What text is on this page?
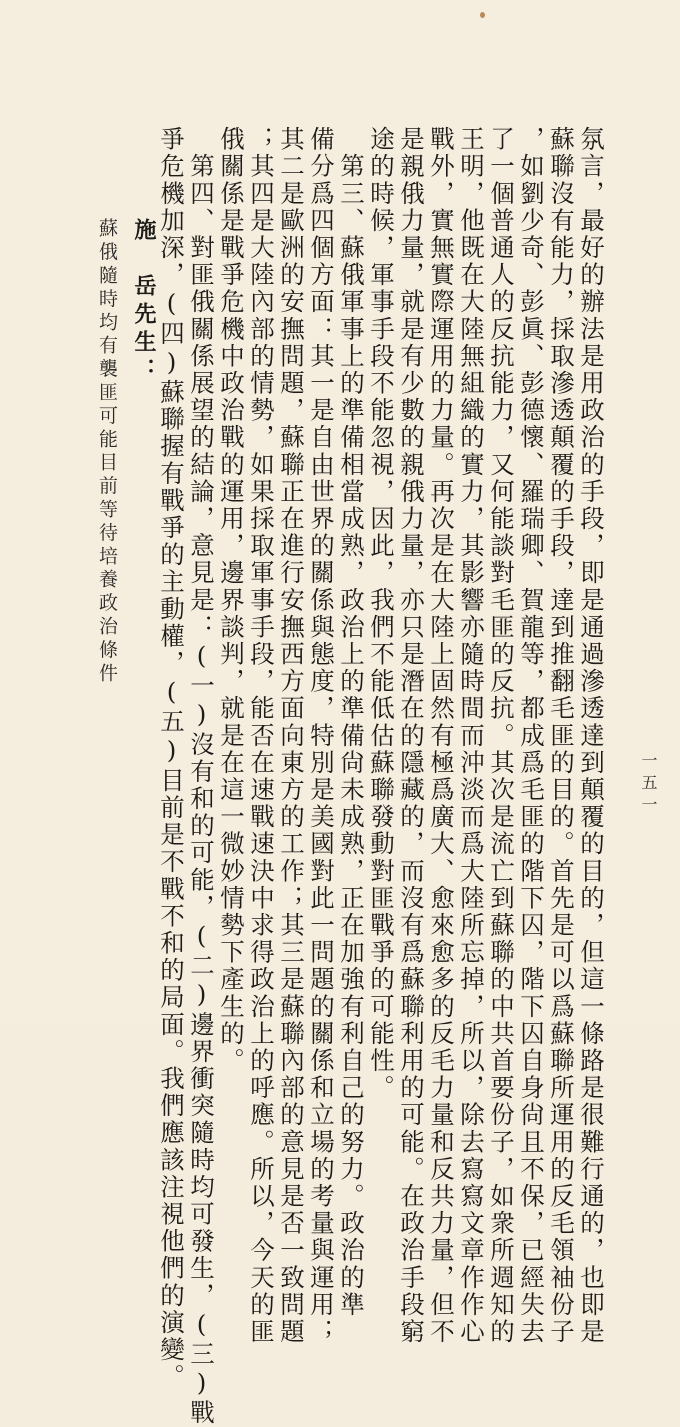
氛言，最好的辦法是用政治的手段，即是通過滲透達到顛覆的目的，但這一條路是很難行通的，也即是
蘇聯沒有能力，採取滲透顛覆的手段，達到推翻毛匪的目的。首先是可以爲蘇聯所運用的反毛領袖份子
，如劉少奇、彭眞、彭德懷、羅瑞卿、賀龍等，都成爲毛匪的階下囚，階下囚自身尙且不保，已經失去
了一個普通人的反抗能力，又何能談對毛匪的反抗。其次是流亡到蘇聯的中共首要份子，如衆所週知的
王明，他既在大陸無組織的實力，其影響亦隨時間而沖淡而爲大陸所忘掉，所以，除去寫寫文章作作心
戰外，實無實際運用的力量。再次是在大陸上固然有極爲廣大、愈來愈多的反毛力量和反共力量，但不
是親俄力量，就是有少數的親俄力量，亦只是潛在的隱藏的，而沒有爲蘇聯利用的可能。在政治手段窮
途的時候，軍事手段不能忽視，因此，我們不能低估蘇聯發動對匪戰爭的可能性。
　第三、蘇俄軍事上的準備相當成熟，政治上的準備尙未成熟，正在加強有利自己的努力。政治的準
備分爲四個方面：其一是自由世界的關係與態度，特別是美國對此一問題的關係和立場的考量與運用；
其二是歐洲的安撫問題，蘇聯正在進行安撫西方面向東方的工作；其三是蘇聯內部的意見是否一致問題
；其四是大陸內部的情勢，如果採取軍事手段，能否在速戰速決中求得政治上的呼應。所以，今天的匪
俄關係是戰爭危機中政治戰的運用，邊界談判，就是在這一微妙情勢下產生的。
　第四、對匪俄關係展望的結論，意見是：(一)沒有和的可能，(二)邊界衝突隨時均可發生，(三)戰
爭危機加深，(四)蘇聯握有戰爭的主動權，(五)目前是不戰不和的局面。我們應該注視他們的演變。
施　岳先生：
蘇俄隨時均有襲匪可能目前等待培養政治條件
一五一
